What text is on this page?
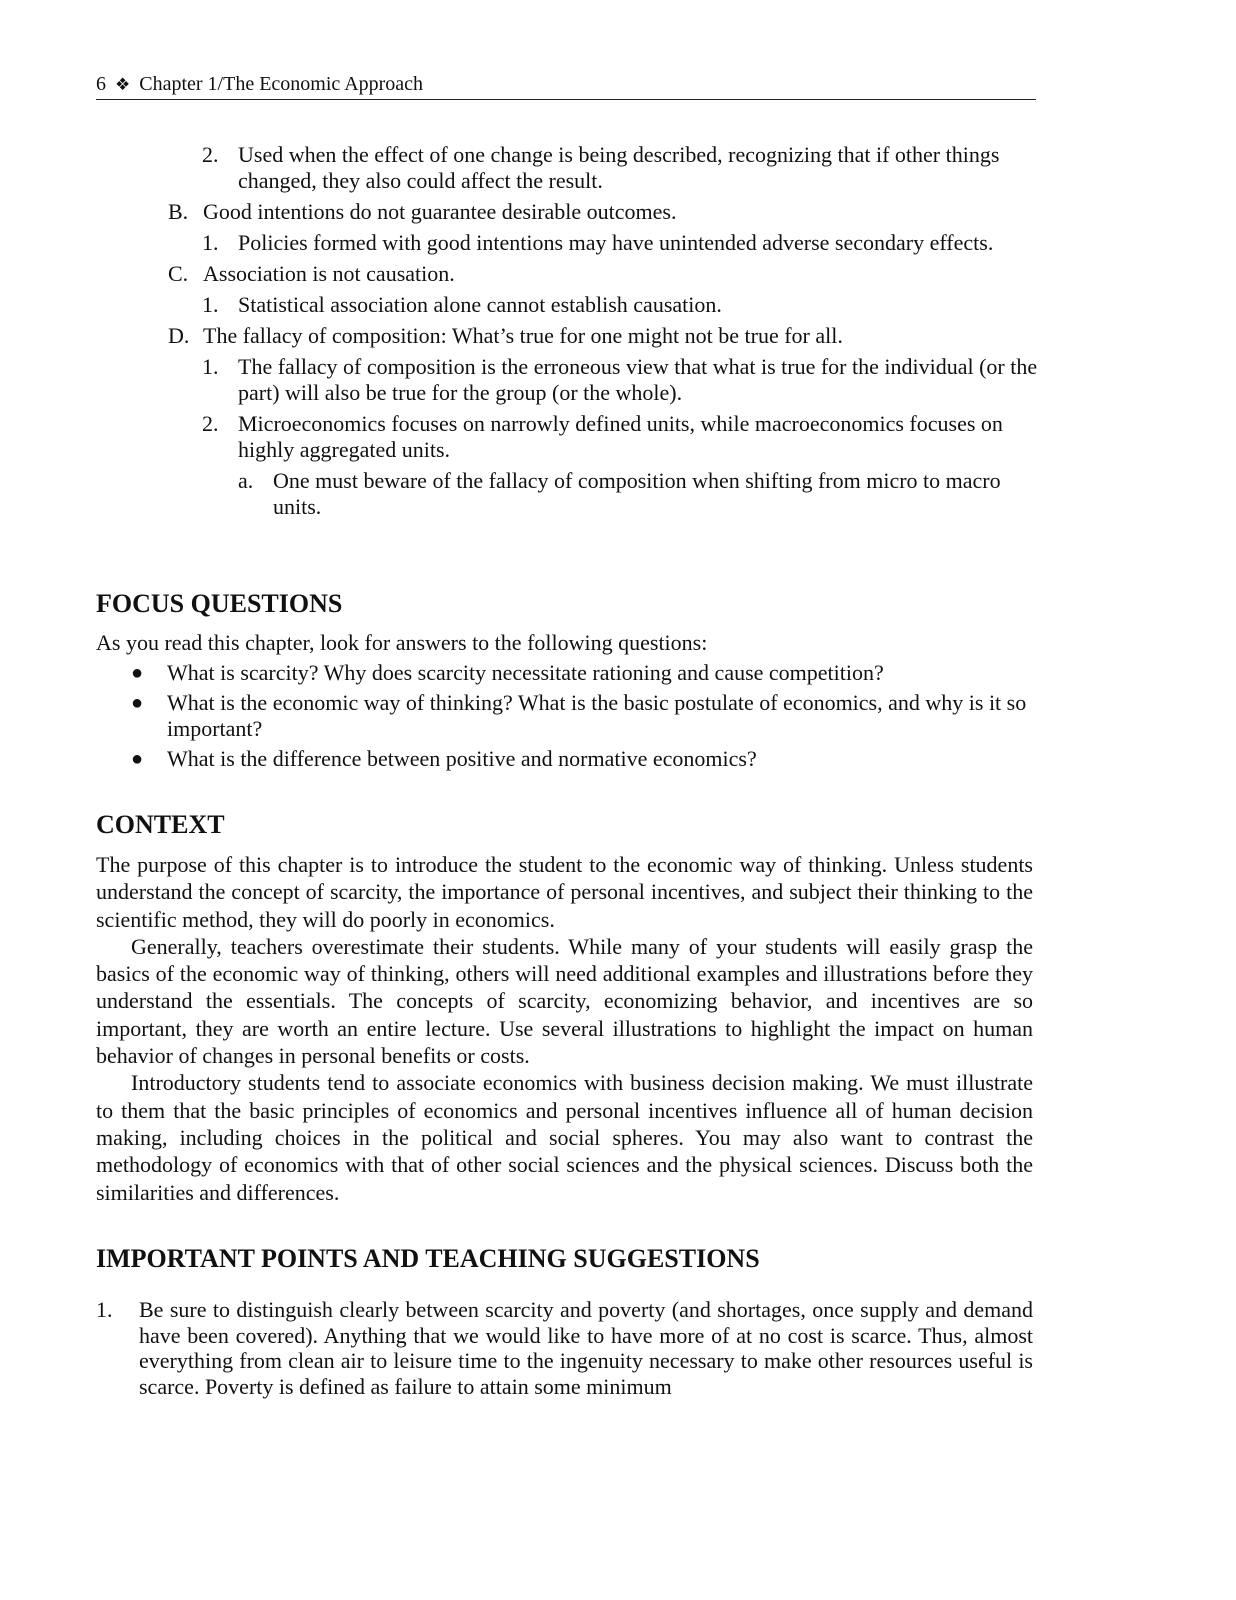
6 ❖ Chapter 1/The Economic Approach
2. Used when the effect of one change is being described, recognizing that if other things changed, they also could affect the result.
B. Good intentions do not guarantee desirable outcomes.
1. Policies formed with good intentions may have unintended adverse secondary effects.
C. Association is not causation.
1. Statistical association alone cannot establish causation.
D. The fallacy of composition: What’s true for one might not be true for all.
1. The fallacy of composition is the erroneous view that what is true for the individual (or the part) will also be true for the group (or the whole).
2. Microeconomics focuses on narrowly defined units, while macroeconomics focuses on highly aggregated units.
a. One must beware of the fallacy of composition when shifting from micro to macro units.
FOCUS QUESTIONS
As you read this chapter, look for answers to the following questions:
● What is scarcity? Why does scarcity necessitate rationing and cause competition?
● What is the economic way of thinking? What is the basic postulate of economics, and why is it so important?
● What is the difference between positive and normative economics?
CONTEXT

The purpose of this chapter is to introduce the student to the economic way of thinking. Unless students understand the concept of scarcity, the importance of personal incentives, and subject their thinking to the scientific method, they will do poorly in economics.

Generally, teachers overestimate their students. While many of your students will easily grasp the basics of the economic way of thinking, others will need additional examples and illustrations before they understand the essentials. The concepts of scarcity, economizing behavior, and incentives are so important, they are worth an entire lecture. Use several illustrations to highlight the impact on human behavior of changes in personal benefits or costs.

Introductory students tend to associate economics with business decision making. We must illustrate to them that the basic principles of economics and personal incentives influence all of human decision making, including choices in the political and social spheres. You may also want to contrast the methodology of economics with that of other social sciences and the physical sciences. Discuss both the similarities and differences.

IMPORTANT POINTS AND TEACHING SUGGESTIONS
1. Be sure to distinguish clearly between scarcity and poverty (and shortages, once supply and demand have been covered). Anything that we would like to have more of at no cost is scarce. Thus, almost everything from clean air to leisure time to the ingenuity necessary to make other resources useful is scarce. Poverty is defined as failure to attain some minimum
